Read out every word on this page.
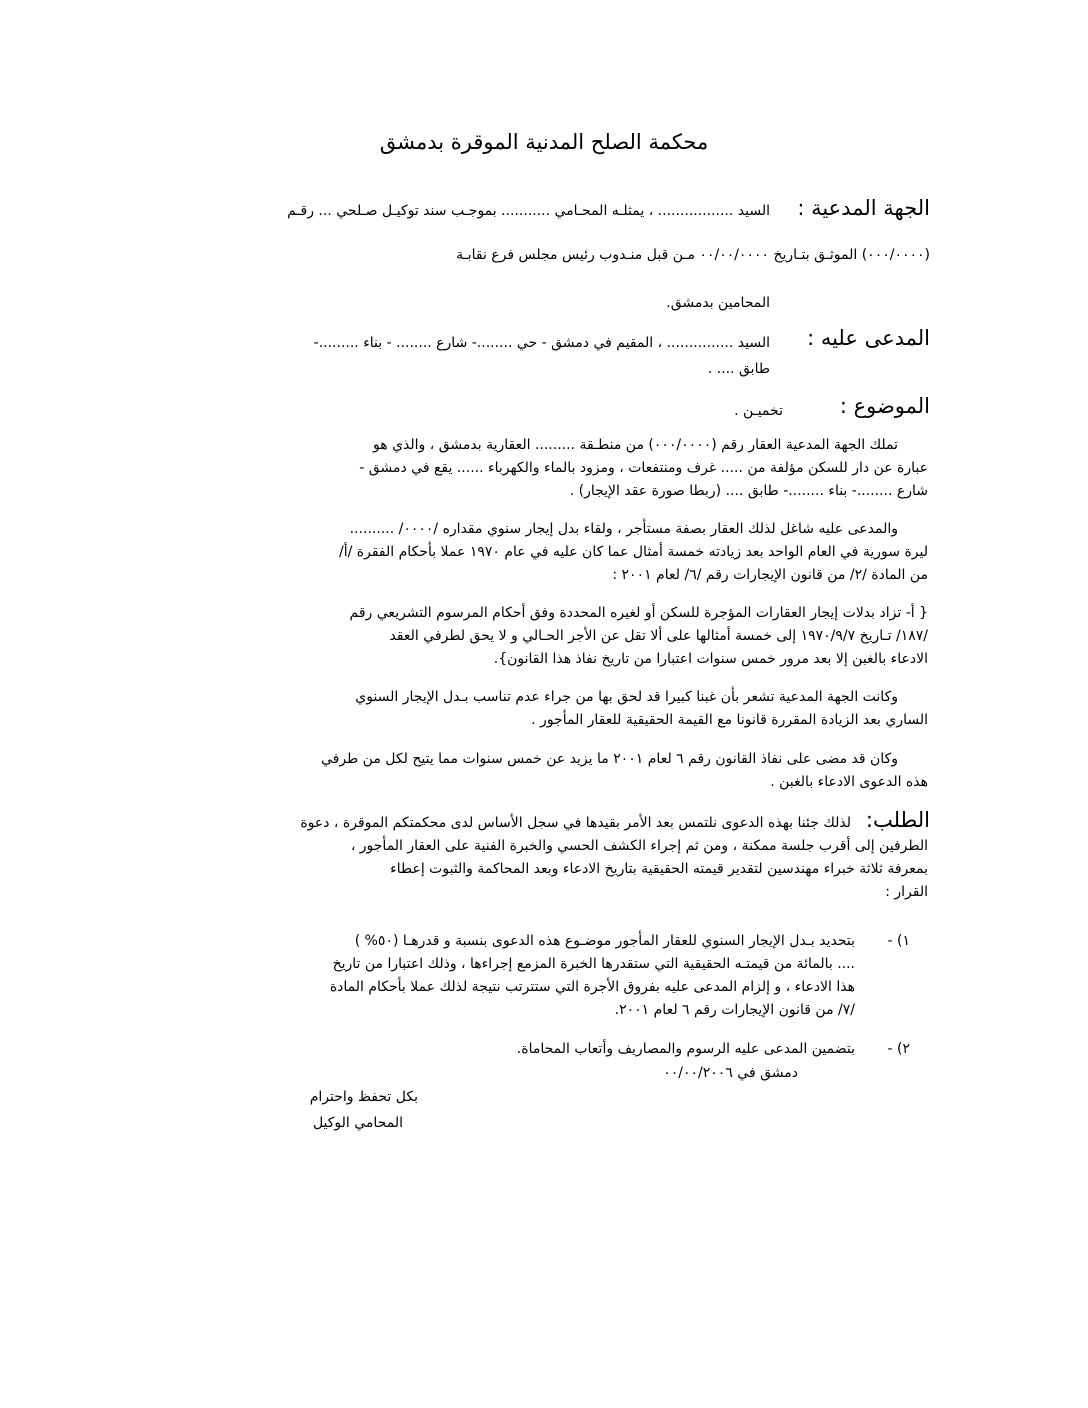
محكمة الصلح المدنية الموقرة بدمشق
الجهة المدعية :
السيد ................. ، يمثلـه المحـامي ........... بموجـب سند توكيـل صـلحي ... رقـم
(٠٠٠/٠٠٠٠) الموثـق بتـاريخ ٠٠/٠٠/٠٠٠٠ مـن قبل منـدوب رئيس مجلس فرع نقابـة
المحامين بدمشق.
المدعى عليه :
السيد ............... ، المقيم في دمشق - حي ........- شارع ........ - بناء .........-
طابق .... .
الموضوع :
تخميـن .
تملك الجهة المدعية العقار رقم (٠٠٠/٠٠٠٠) من منطـقة ......... العقارية بدمشق ، والذي هو
عبارة عن دار للسكن مؤلفة من ..... غرف ومنتفعات ، ومزود بالماء والكهرباء ...... يقع في دمشق -
شارع ........- بناء ........- طابق .... (ربطا صورة عقد الإيجار) .
والمدعى عليه شاغل لذلك العقار بصفة مستأجر ، ولقاء بدل إيجار سنوي مقداره /٠٠٠٠/ ..........
ليرة سورية في العام الواحد بعد زيادته خمسة أمثال عما كان عليه في عام ١٩٧٠ عملا بأحكام الفقرة /أ/
من المادة /٢/ من قانون الإيجارات رقم /٦/ لعام ٢٠٠١ :
{ أ- تزاد بدلات إيجار العقارات المؤجرة للسكن أو لغيره المحددة وفق أحكام المرسوم التشريعي رقم
/١٨٧/ تـاريخ ١٩٧٠/٩/٧ إلى خمسة أمثالها على ألا تقل عن الأجر الحـالي و لا يحق لطرفي العقد
الادعاء بالغبن إلا بعد مرور خمس سنوات اعتبارا من تاريخ نفاذ هذا القانون}.
وكانت الجهة المدعية تشعر بأن غبنا كبيرا قد لحق بها من جراء عدم تناسب بـدل الإيجار السنوي
الساري بعد الزيادة المقررة قانونا مع القيمة الحقيقية للعقار المأجور .
وكان قد مضى على نفاذ القانون رقم ٦ لعام ٢٠٠١ ما يزيد عن خمس سنوات مما يتيح لكل من طرفي
هذه الدعوى الادعاء بالغبن .
الطلب:
لذلك جئنا بهذه الدعوى نلتمس بعد الأمر بقيدها في سجل الأساس لدى محكمتكم الموقرة ، دعوة
الطرفين إلى أقرب جلسة ممكنة ، ومن ثم إجراء الكشف الحسي والخبرة الفنية على العقار المأجور ،
بمعرفة ثلاثة خبراء مهندسين لتقدير قيمته الحقيقية بتاريخ الادعاء وبعد المحاكمة والثبوت إعطاء
القرار :
١) -
بتحديد بـدل الإيجار السنوي للعقار المأجور موضـوع هذه الدعوى بنسبة و قدرهـا (٥٠% )
.... بالمائة من قيمتـه الحقيقية التي ستقدرها الخبرة المزمع إجراءها ، وذلك اعتبارا من تاريخ
هذا الادعاء ، و إلزام المدعى عليه بفروق الأجرة التي ستترتب نتيجة لذلك عملا بأحكام المادة
/٧/ من قانون الإيجارات رقم ٦ لعام ٢٠٠١.
٢) -
بتضمين المدعى عليه الرسوم والمصاريف وأتعاب المحاماة.
دمشق في ٠٠/٠٠/٢٠٠٦
بكل تحفظ واحترام
المحامي الوكيل
